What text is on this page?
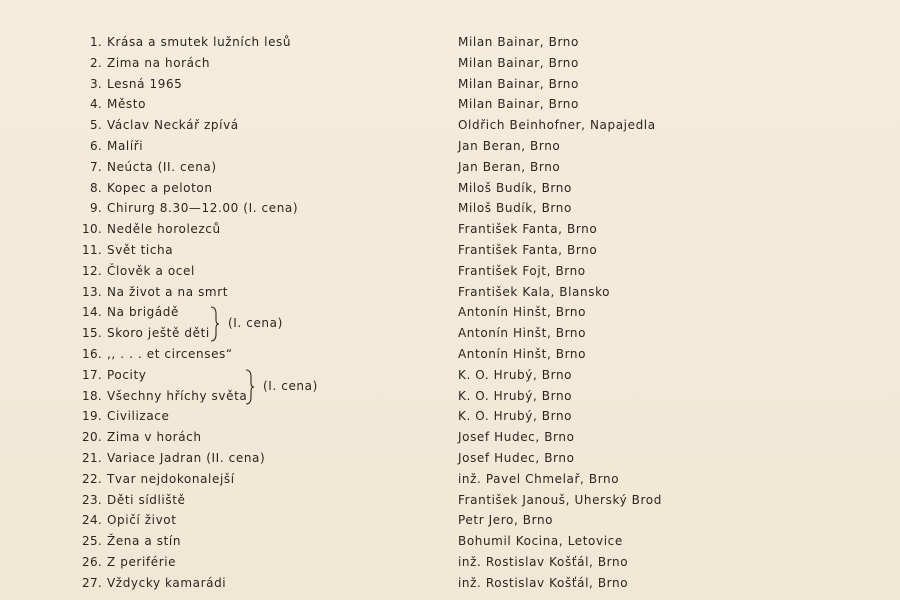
1. Krása a smutek lužních lesů	Milan Bainar, Brno
2. Zima na horách	Milan Bainar, Brno
3. Lesná 1965	Milan Bainar, Brno
4. Město	Milan Bainar, Brno
5. Václav Neckář zpívá	Oldřich Beinhofner, Napajedla
6. Malíři	Jan Beran, Brno
7. Neúcta (II. cena)	Jan Beran, Brno
8. Kopec a peloton	Miloš Budík, Brno
9. Chirurg 8.30—12.00 (I. cena)	Miloš Budík, Brno
10. Neděle horolezců	František Fanta, Brno
11. Svět ticha	František Fanta, Brno
12. Člověk a ocel	František Fojt, Brno
13. Na život a na smrt	František Kala, Blansko
14. Na brigádě	Antonín Hinšt, Brno
15. Skoro ještě děti	Antonín Hinšt, Brno
16. ,, . . . et circenses“	Antonín Hinšt, Brno
17. Pocity	K. O. Hrubý, Brno
18. Všechny hříchy světa	K. O. Hrubý, Brno
19. Civilizace	K. O. Hrubý, Brno
20. Zima v horách	Josef Hudec, Brno
21. Variace Jadran (II. cena)	Josef Hudec, Brno
22. Tvar nejdokonalejší	inž. Pavel Chmelař, Brno
23. Děti sídliště	František Janouš, Uherský Brod
24. Opičí život	Petr Jero, Brno
25. Žena a stín	Bohumil Kocina, Letovice
26. Z periférie	inž. Rostislav Košťál, Brno
27. Vždycky kamarádi	inž. Rostislav Košťál, Brno
(I. cena)
(I. cena)
